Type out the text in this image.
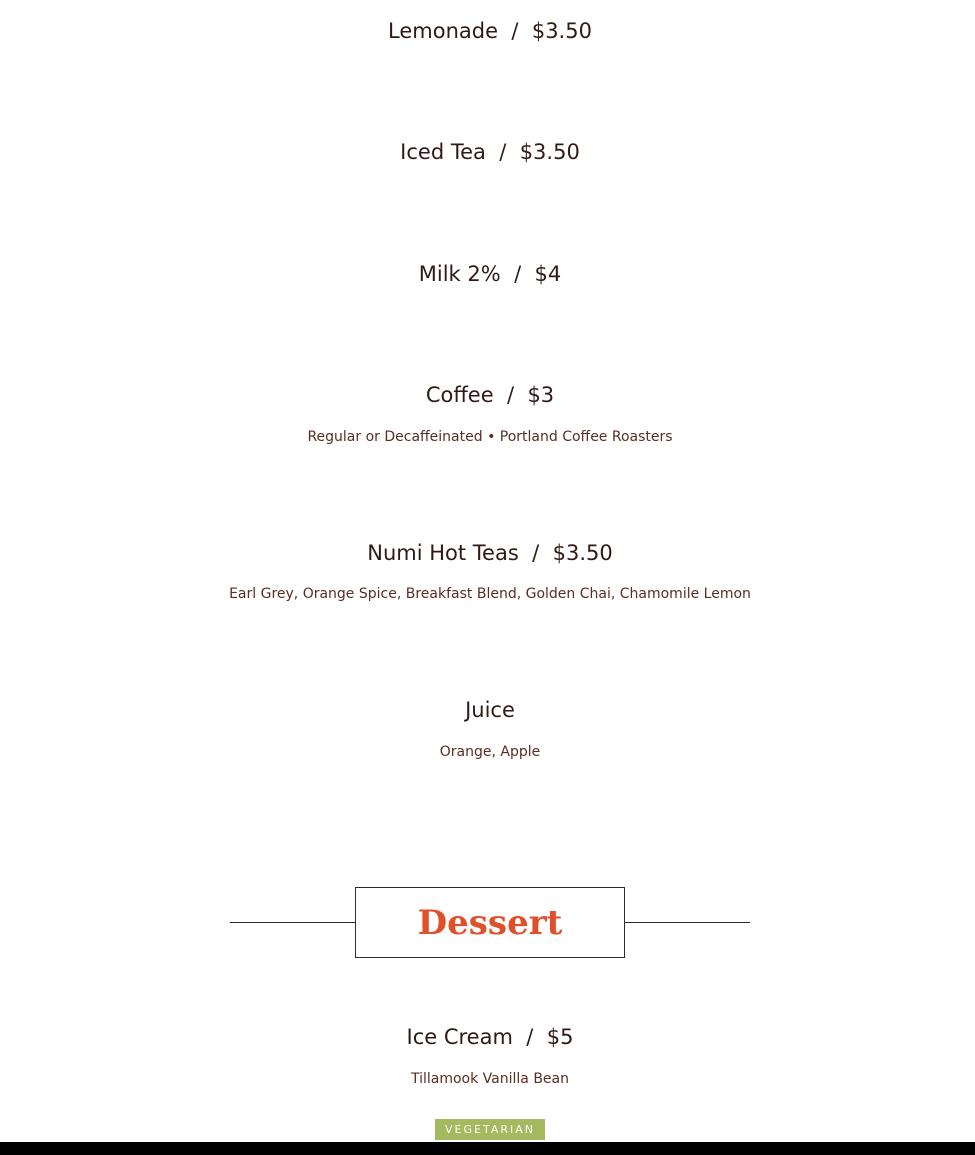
Lemonade / $3.50
Iced Tea / $3.50
Milk 2% / $4
Coffee / $3
Regular or Decaffeinated • Portland Coffee Roasters
Numi Hot Teas / $3.50
Earl Grey, Orange Spice, Breakfast Blend, Golden Chai, Chamomile Lemon
Juice
Orange, Apple
Dessert
Ice Cream / $5
Tillamook Vanilla Bean
VEGETARIAN
